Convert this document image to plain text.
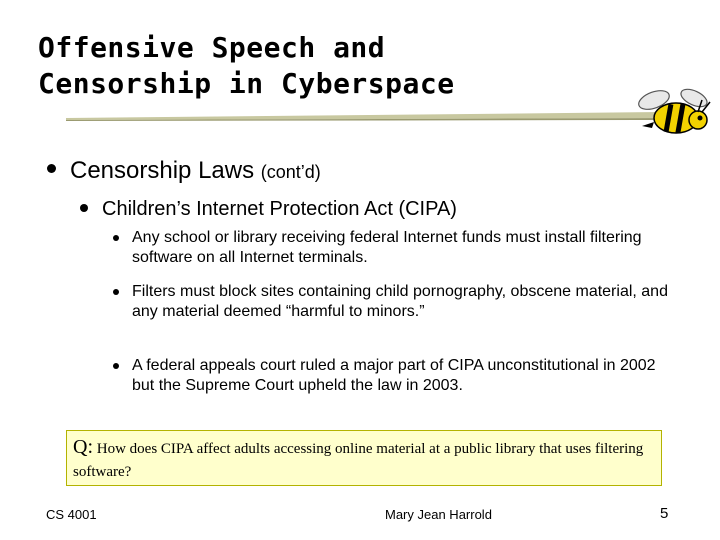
Offensive Speech and
Censorship in Cyberspace
Censorship Laws (cont’d)
Children’s Internet Protection Act (CIPA)
Any school or library receiving federal Internet funds must install filtering software on all Internet terminals.
Filters must block sites containing child pornography, obscene material, and any material deemed “harmful to minors.”
A federal appeals court ruled a major part of CIPA unconstitutional in 2002 but the Supreme Court upheld the law in 2003.
Q: How does CIPA affect adults accessing online material at a public library that uses filtering software?
CS 4001	Mary Jean Harrold	5
